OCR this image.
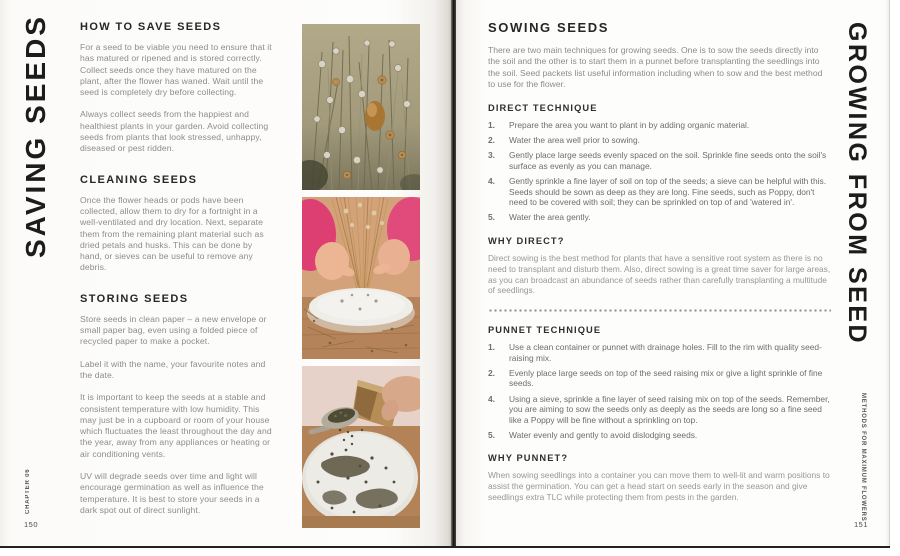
SAVING SEEDS	HOW TO SAVE SEEDS

For a seed to be viable you need to ensure that it has matured or ripened and is stored correctly. Collect seeds once they have matured on the plant, after the flower has waned. Wait until the seed is completely dry before collecting.

Always collect seeds from the happiest and healthiest plants in your garden. Avoid collecting seeds from plants that look stressed, unhappy, diseased or pest ridden.

CLEANING SEEDS

Once the flower heads or pods have been collected, allow them to dry for a fortnight in a well-ventilated and dry location. Next, separate them from the remaining plant material such as dried petals and husks. This can be done by hand, or sieves can be useful to remove any debris.

STORING SEEDS

Store seeds in clean paper – a new envelope or small paper bag, even using a folded piece of recycled paper to make a pocket.

Label it with the name, your favourite notes and the date.

It is important to keep the seeds at a stable and consistent temperature with low humidity. This may just be in a cupboard or room of your house which fluctuates the least throughout the day and the year, away from any appliances or heating or air conditioning vents.

UV will degrade seeds over time and light will encourage germination as well as influence the temperature. It is best to store your seeds in a dark spot out of direct sunlight.

CHAPTER 06
150
SOWING SEEDS

There are two main techniques for growing seeds. One is to sow the seeds directly into the soil and the other is to start them in a punnet before transplanting the seedlings into the soil. Seed packets list useful information including when to sow and the best method to use for the flower.

DIRECT TECHNIQUE
1.	Prepare the area you want to plant in by adding organic material.
2.	Water the area well prior to sowing.
3.	Gently place large seeds evenly spaced on the soil. Sprinkle fine seeds onto the soil's surface as evenly as you can manage.
4.	Gently sprinkle a fine layer of soil on top of the seeds; a sieve can be helpful with this. Seeds should be sown as deep as they are long. Fine seeds, such as Poppy, don't need to be covered with soil; they can be sprinkled on top of and 'watered in'.
5.	Water the area gently.
WHY DIRECT?

Direct sowing is the best method for plants that have a sensitive root system as there is no need to transplant and disturb them. Also, direct sowing is a great time saver for large areas, as you can broadcast an abundance of seeds rather than carefully transplanting a multitude of seedlings.

PUNNET TECHNIQUE
1.	Use a clean container or punnet with drainage holes. Fill to the rim with quality seed-raising mix.
2.	Evenly place large seeds on top of the seed raising mix or give a light sprinkle of fine seeds.
4.	Using a sieve, sprinkle a fine layer of seed raising mix on top of the seeds. Remember, you are aiming to sow the seeds only as deeply as the seeds are long so a fine seed like a Poppy will be fine without a sprinkling on top.
5.	Water evenly and gently to avoid dislodging seeds.
WHY PUNNET?

When sowing seedlings into a container you can move them to well-lit and warm positions to assist the germination. You can get a head start on seeds early in the season and give seedlings extra TLC while protecting them from pests in the garden.

GROWING FROM SEED
METHODS FOR MAXIMUM FLOWERS
151
